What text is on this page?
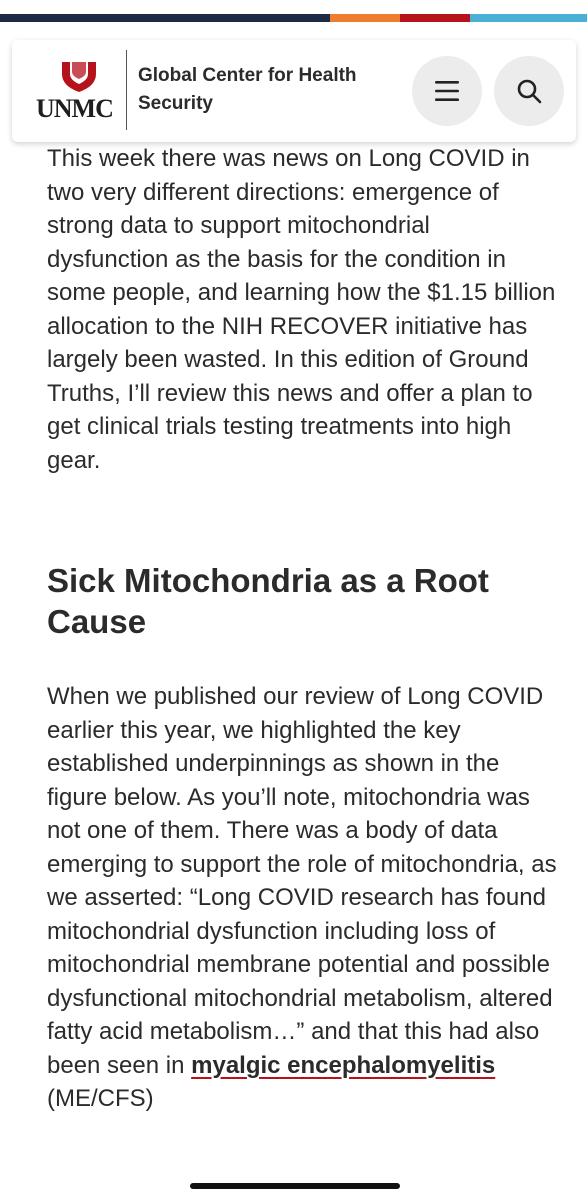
UNMC
Global Center for Health Security

This week there was news on Long COVID in two very different directions: emergence of strong data to support mitochondrial dysfunction as the basis for the condition in some people, and learning how the $1.15 billion allocation to the NIH RECOVER initiative has largely been wasted. In this edition of Ground Truths, I’ll review this news and offer a plan to get clinical trials testing treatments into high gear.

Sick Mitochondria as a Root Cause

When we published our review of Long COVID earlier this year, we highlighted the key established underpinnings as shown in the figure below. As you’ll note, mitochondria was not one of them. There was a body of data emerging to support the role of mitochondria, as we asserted: “Long COVID research has found mitochondrial dysfunction including loss of mitochondrial membrane potential and possible dysfunctional mitochondrial metabolism, altered fatty acid metabolism…” and that this had also been seen in myalgic encephalomyelitis (ME/CFS)
